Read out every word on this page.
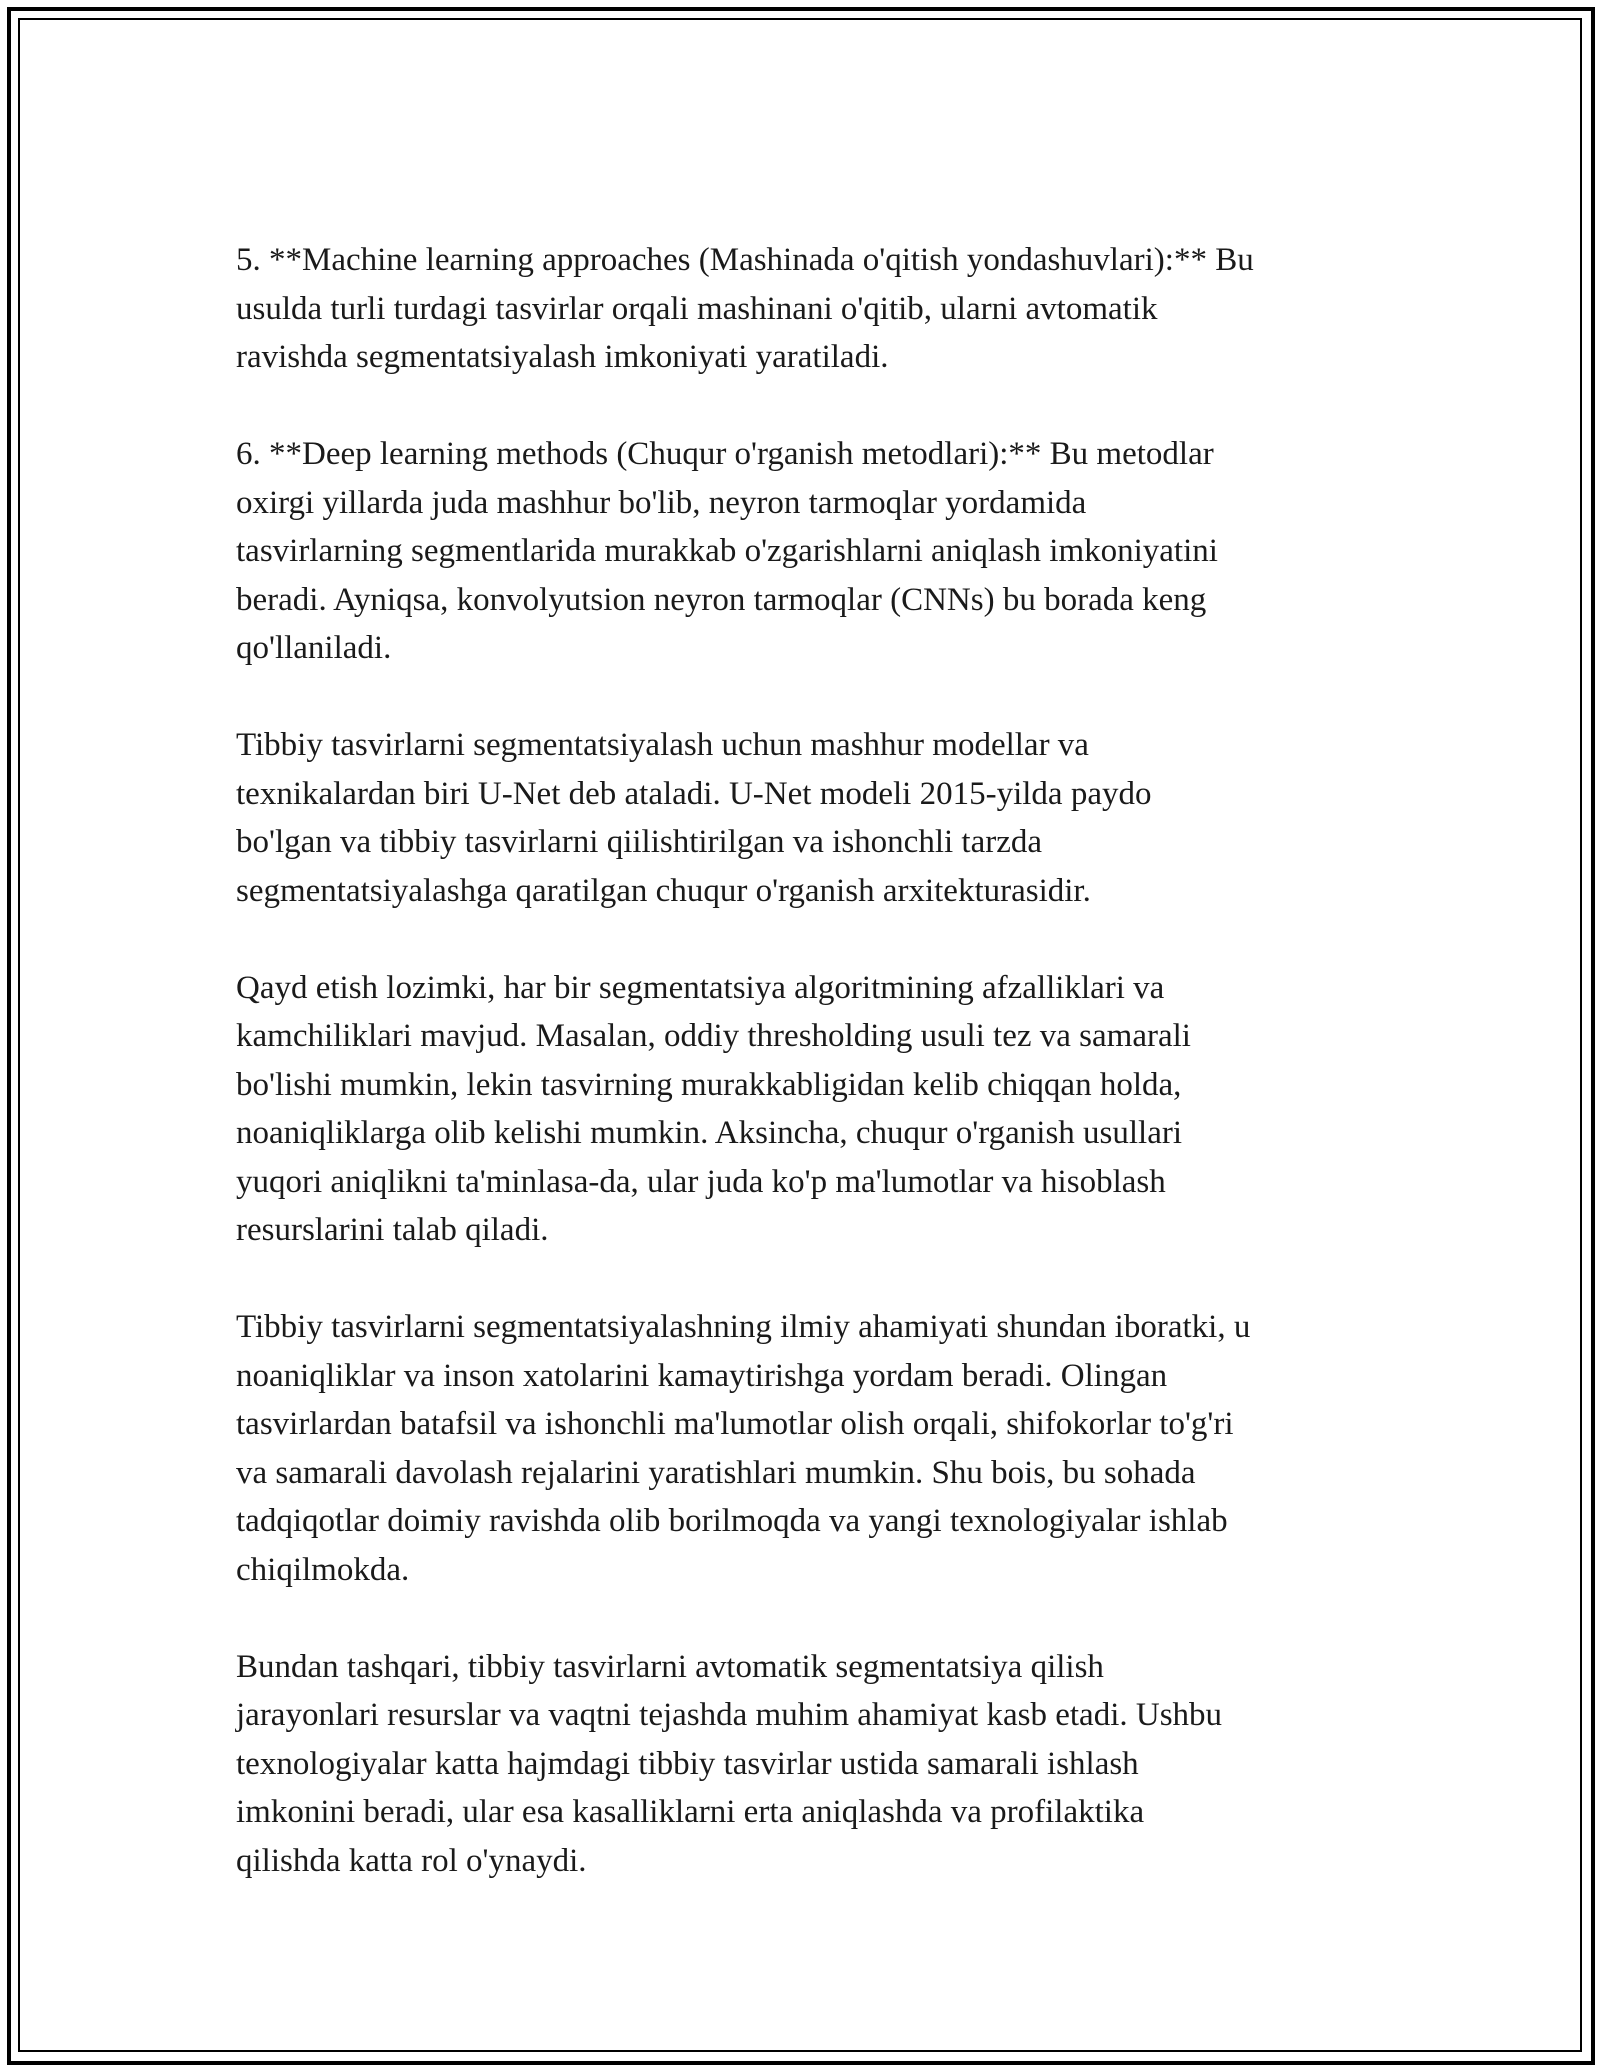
5. **Machine learning approaches (Mashinada o'qitish yondashuvlari):** Bu
usulda turli turdagi tasvirlar orqali mashinani o'qitib, ularni avtomatik
ravishda segmentatsiyalash imkoniyati yaratiladi.

6. **Deep learning methods (Chuqur o'rganish metodlari):** Bu metodlar
oxirgi yillarda juda mashhur bo'lib, neyron tarmoqlar yordamida
tasvirlarning segmentlarida murakkab o'zgarishlarni aniqlash imkoniyatini
beradi. Ayniqsa, konvolyutsion neyron tarmoqlar (CNNs) bu borada keng
qo'llaniladi.

Tibbiy tasvirlarni segmentatsiyalash uchun mashhur modellar va
texnikalardan biri U-Net deb ataladi. U-Net modeli 2015-yilda paydo
bo'lgan va tibbiy tasvirlarni qiilishtirilgan va ishonchli tarzda
segmentatsiyalashga qaratilgan chuqur o'rganish arxitekturasidir.

Qayd etish lozimki, har bir segmentatsiya algoritmining afzalliklari va
kamchiliklari mavjud. Masalan, oddiy thresholding usuli tez va samarali
bo'lishi mumkin, lekin tasvirning murakkabligidan kelib chiqqan holda,
noaniqliklarga olib kelishi mumkin. Aksincha, chuqur o'rganish usullari
yuqori aniqlikni ta'minlasa-da, ular juda ko'p ma'lumotlar va hisoblash
resurslarini talab qiladi.

Tibbiy tasvirlarni segmentatsiyalashning ilmiy ahamiyati shundan iboratki, u
noaniqliklar va inson xatolarini kamaytirishga yordam beradi. Olingan
tasvirlardan batafsil va ishonchli ma'lumotlar olish orqali, shifokorlar to'g'ri
va samarali davolash rejalarini yaratishlari mumkin. Shu bois, bu sohada
tadqiqotlar doimiy ravishda olib borilmoqda va yangi texnologiyalar ishlab
chiqilmokda.

Bundan tashqari, tibbiy tasvirlarni avtomatik segmentatsiya qilish
jarayonlari resurslar va vaqtni tejashda muhim ahamiyat kasb etadi. Ushbu
texnologiyalar katta hajmdagi tibbiy tasvirlar ustida samarali ishlash
imkonini beradi, ular esa kasalliklarni erta aniqlashda va profilaktika
qilishda katta rol o'ynaydi.
